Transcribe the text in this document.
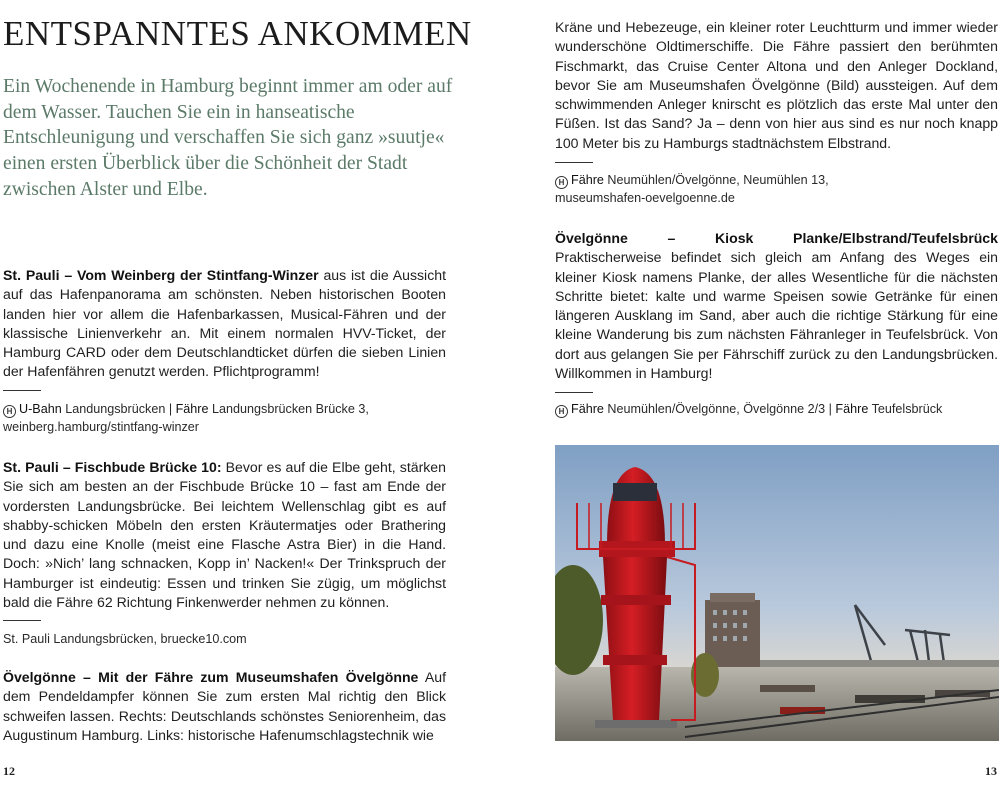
ENTSPANNTES ANKOMMEN

Ein Wochenende in Hamburg beginnt immer am oder auf dem Wasser. Tauchen Sie ein in hanseatische Entschleunigung und verschaffen Sie sich ganz »suutje« einen ersten Überblick über die Schönheit der Stadt zwischen Alster und Elbe.

St. Pauli – Vom Weinberg der Stintfang-Winzer aus ist die Aussicht auf das Hafenpanorama am schönsten. Neben historischen Booten landen hier vor allem die Hafenbarkassen, Musical-Fähren und der klassische Linienverkehr an. Mit einem normalen HVV-Ticket, der Hamburg CARD oder dem Deutschlandticket dürfen die sieben Linien der Hafenfähren genutzt werden. Pflichtprogramm!

H U-Bahn Landungsbrücken | Fähre Landungsbrücken Brücke 3,
weinberg.hamburg/stintfang-winzer

St. Pauli – Fischbude Brücke 10: Bevor es auf die Elbe geht, stärken Sie sich am besten an der Fischbude Brücke 10 – fast am Ende der vordersten Landungsbrücke. Bei leichtem Wellenschlag gibt es auf shabby-schicken Möbeln den ersten Kräutermatjes oder Brathering und dazu eine Knolle (meist eine Flasche Astra Bier) in die Hand. Doch: »Nich’ lang schnacken, Kopp in’ Nacken!« Der Trinkspruch der Hamburger ist eindeutig: Essen und trinken Sie zügig, um möglichst bald die Fähre 62 Richtung Finkenwerder nehmen zu können.

St. Pauli Landungsbrücken, bruecke10.com

Övelgönne – Mit der Fähre zum Museumshafen Övelgönne Auf dem Pendeldampfer können Sie zum ersten Mal richtig den Blick schweifen lassen. Rechts: Deutschlands schönstes Seniorenheim, das Augustinum Hamburg. Links: historische Hafenumschlagstechnik wie

12

Kräne und Hebezeuge, ein kleiner roter Leuchtturm und immer wieder wunderschöne Oldtimerschiffe. Die Fähre passiert den berühmten Fischmarkt, das Cruise Center Altona und den Anleger Dockland, bevor Sie am Museumshafen Övelgönne (Bild) aussteigen. Auf dem schwimmenden Anleger knirscht es plötzlich das erste Mal unter den Füßen. Ist das Sand? Ja – denn von hier aus sind es nur noch knapp 100 Meter bis zu Hamburgs stadtnächstem Elbstrand.

H Fähre Neumühlen/Övelgönne, Neumühlen 13,
museumshafen-oevelgoenne.de

Övelgönne – Kiosk Planke/Elbstrand/Teufelsbrück Praktischerweise befindet sich gleich am Anfang des Weges ein kleiner Kiosk namens Planke, der alles Wesentliche für die nächsten Schritte bietet: kalte und warme Speisen sowie Getränke für einen längeren Ausklang im Sand, aber auch die richtige Stärkung für eine kleine Wanderung bis zum nächsten Fähranleger in Teufelsbrück. Von dort aus gelangen Sie per Fährschiff zurück zu den Landungsbrücken. Willkommen in Hamburg!

H Fähre Neumühlen/Övelgönne, Övelgönne 2/3 | Fähre Teufelsbrück

13
